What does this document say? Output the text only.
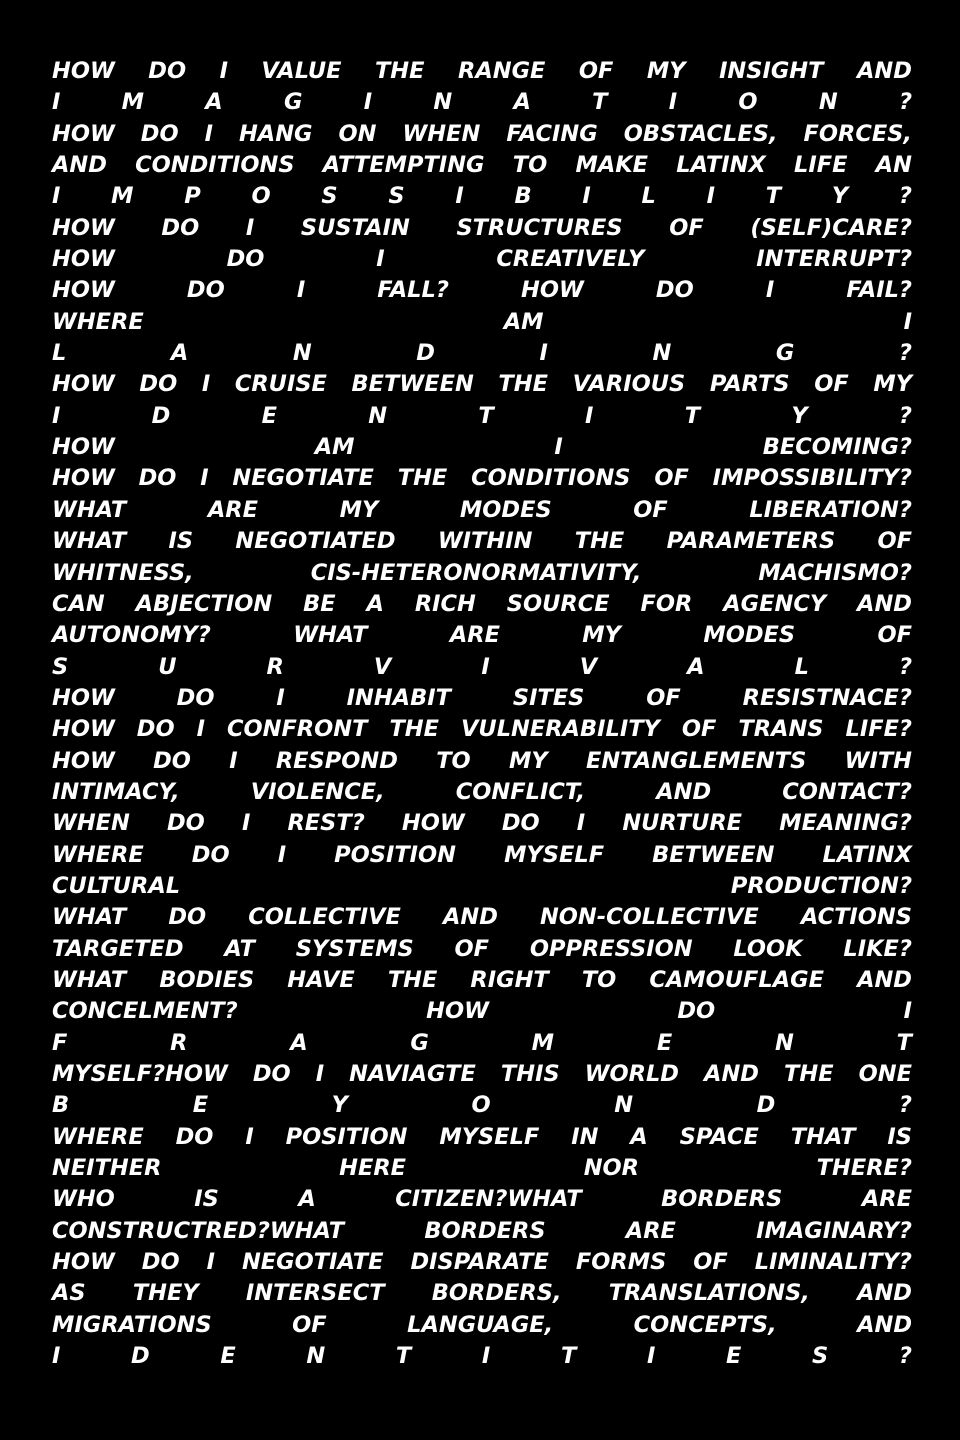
HOW DO I VALUE THE RANGE OF MY INSIGHT AND
I	M	A	G	I	N	A	T	I	O	N	?
HOW DO I HANG ON WHEN FACING OBSTACLES, FORCES,
AND CONDITIONS ATTEMPTING TO MAKE LATINX LIFE AN
I M P O S S I B I L I T Y ?
HOW DO I SUSTAIN STRUCTURES OF (SELF)CARE?
HOW	DO	I	CREATIVELY	INTERRUPT?
HOW	DO	I	FALL?	HOW	DO	I	FAIL?
WHERE	AM	I
L	A	N	D	I	N	G	?
HOW DO I CRUISE BETWEEN THE VARIOUS PARTS OF MY
I	D	E	N	T	I	T	Y	?
HOW	AM	I	BECOMING?
HOW DO I NEGOTIATE THE CONDITIONS OF IMPOSSIBILITY?
WHAT	ARE	MY	MODES	OF	LIBERATION?
WHAT IS NEGOTIATED WITHIN THE PARAMETERS OF
WHITNESS,	CIS-HETERONORMATIVITY,	MACHISMO?
CAN ABJECTION BE A RICH SOURCE FOR AGENCY AND
AUTONOMY?	WHAT	ARE	MY	MODES	OF
S	U	R	V	I	V	A	L	?
HOW	DO	I	INHABIT	SITES	OF	RESISTNACE?
HOW DO I CONFRONT THE VULNERABILITY OF TRANS LIFE?
HOW DO I RESPOND TO MY ENTANGLEMENTS WITH
INTIMACY,	VIOLENCE,	CONFLICT,	AND	CONTACT?
WHEN DO I REST? HOW DO I NURTURE MEANING?
WHERE DO I POSITION MYSELF BETWEEN LATINX
CULTURAL	PRODUCTION?
WHAT DO COLLECTIVE AND NON-COLLECTIVE ACTIONS
TARGETED AT SYSTEMS OF OPPRESSION LOOK LIKE?
WHAT BODIES HAVE THE RIGHT TO CAMOUFLAGE AND
CONCELMENT?	HOW	DO	I
F	R	A	G	M	E	N	T
MYSELF?HOW DO I NAVIAGTE THIS WORLD AND THE ONE
B	E	Y	O	N	D	?
WHERE DO I POSITION MYSELF IN A SPACE THAT IS
NEITHER	HERE	NOR	THERE?
WHO	IS	A	CITIZEN?WHAT	BORDERS	ARE
CONSTRUCTRED?WHAT	BORDERS	ARE	IMAGINARY?
HOW DO I NEGOTIATE DISPARATE FORMS OF LIMINALITY?
AS THEY INTERSECT BORDERS, TRANSLATIONS, AND
MIGRATIONS	OF	LANGUAGE,	CONCEPTS,	AND
I	D	E	N	T	I	T	I	E	S	?
